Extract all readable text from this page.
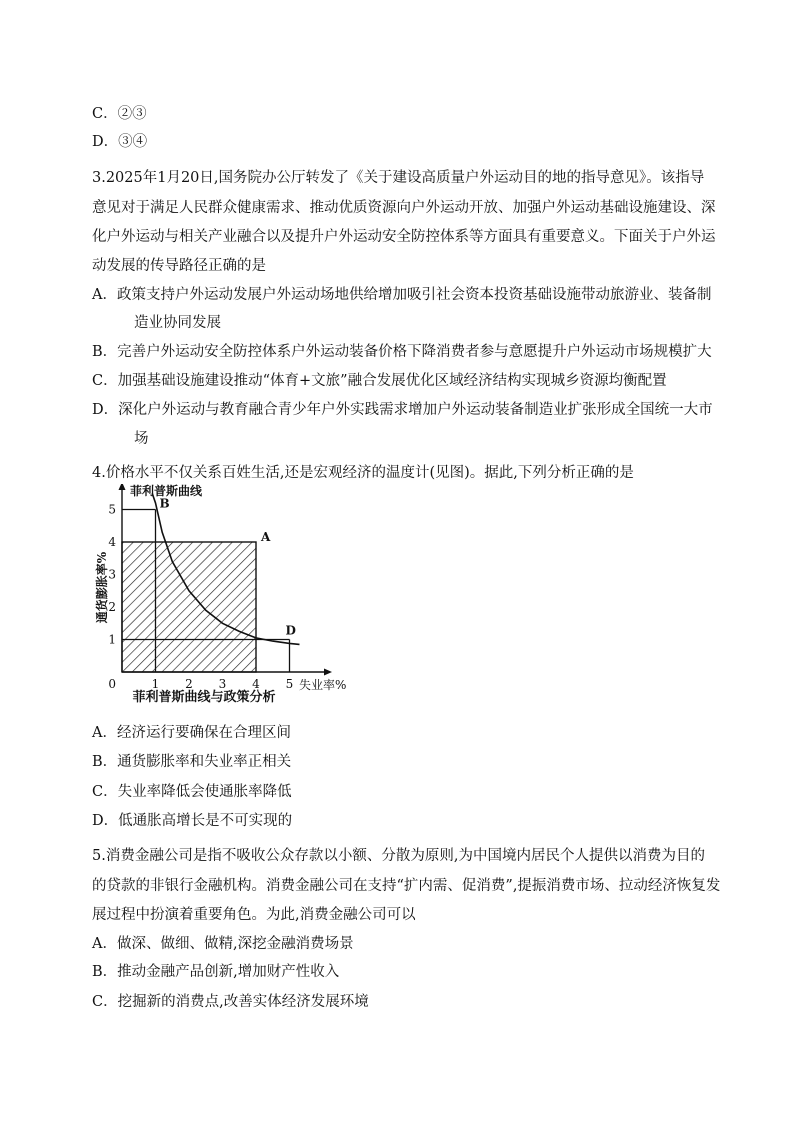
C．②③
D．③④
3.2025年1月20日,国务院办公厅转发了《关于建设高质量户外运动目的地的指导意见》。该指导
意见对于满足人民群众健康需求、推动优质资源向户外运动开放、加强户外运动基础设施建设、深
化户外运动与相关产业融合以及提升户外运动安全防控体系等方面具有重要意义。下面关于户外运
动发展的传导路径正确的是
A．政策支持户外运动发展户外运动场地供给增加吸引社会资本投资基础设施带动旅游业、装备制
造业协同发展
B．完善户外运动安全防控体系户外运动装备价格下降消费者参与意愿提升户外运动市场规模扩大
C．加强基础设施建设推动“体育+文旅”融合发展优化区域经济结构实现城乡资源均衡配置
D．深化户外运动与教育融合青少年户外实践需求增加户外运动装备制造业扩张形成全国统一大市
场
4.价格水平不仅关系百姓生活,还是宏观经济的温度计(见图)。据此,下列分析正确的是
1 2 3 4 5
1
2
3
4
5
0
B
A
D
菲利普斯曲线
失业率%
通货膨胀率%
菲利普斯曲线与政策分析
A．经济运行要确保在合理区间
B．通货膨胀率和失业率正相关
C．失业率降低会使通胀率降低
D．低通胀高增长是不可实现的
5.消费金融公司是指不吸收公众存款以小额、分散为原则,为中国境内居民个人提供以消费为目的
的贷款的非银行金融机构。消费金融公司在支持“扩内需、促消费”,提振消费市场、拉动经济恢复发
展过程中扮演着重要角色。为此,消费金融公司可以
A．做深、做细、做精,深挖金融消费场景
B．推动金融产品创新,增加财产性收入
C．挖掘新的消费点,改善实体经济发展环境
